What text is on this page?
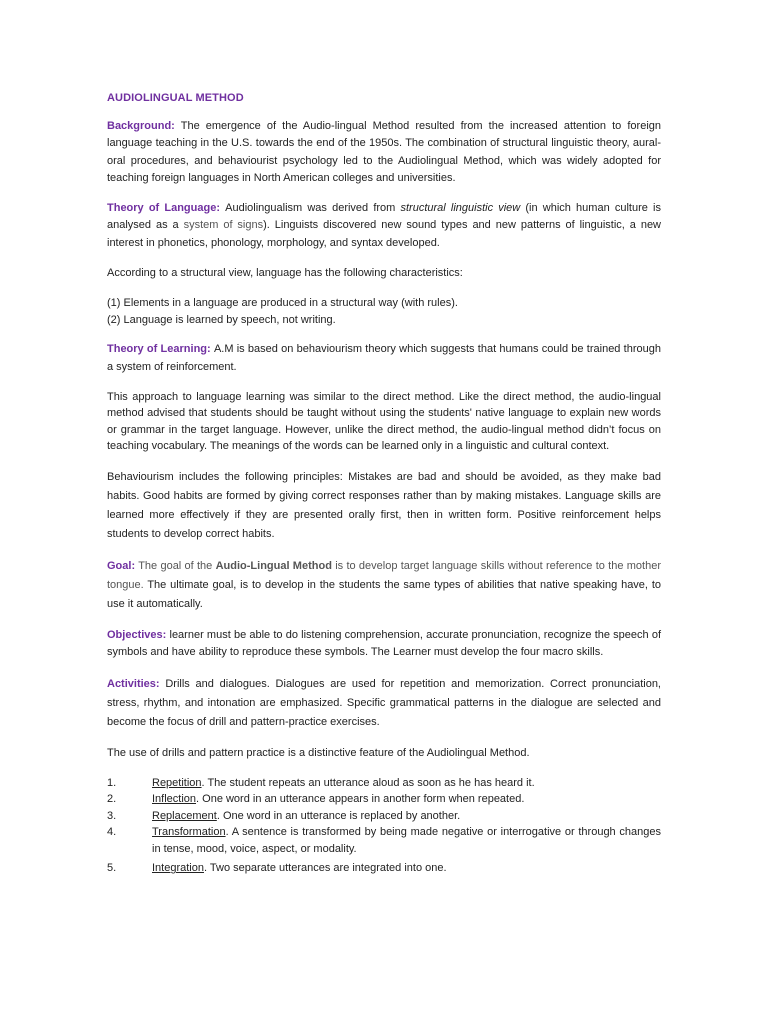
AUDIOLINGUAL METHOD

Background: The emergence of the Audio-lingual Method resulted from the increased attention to foreign language teaching in the U.S. towards the end of the 1950s. The combination of structural linguistic theory, aural-oral procedures, and behaviourist psychology led to the Audiolingual Method, which was widely adopted for teaching foreign languages in North American colleges and universities.

Theory of Language: Audiolingualism was derived from structural linguistic view (in which human culture is analysed as a system of signs). Linguists discovered new sound types and new patterns of linguistic, a new interest in phonetics, phonology, morphology, and syntax developed.

According to a structural view, language has the following characteristics:

(1) Elements in a language are produced in a structural way (with rules).

(2) Language is learned by speech, not writing.

Theory of Learning: A.M is based on behaviourism theory which suggests that humans could be trained through a system of reinforcement.

This approach to language learning was similar to the direct method. Like the direct method, the audio-lingual method advised that students should be taught without using the students' native language to explain new words or grammar in the target language. However, unlike the direct method, the audio-lingual method didn’t focus on teaching vocabulary. The meanings of the words can be learned only in a linguistic and cultural context.

Behaviourism includes the following principles: Mistakes are bad and should be avoided, as they make bad habits. Good habits are formed by giving correct responses rather than by making mistakes. Language skills are learned more effectively if they are presented orally first, then in written form. Positive reinforcement helps students to develop correct habits.

Goal: The goal of the Audio-Lingual Method is to develop target language skills without reference to the mother tongue. The ultimate goal, is to develop in the students the same types of abilities that native speaking have, to use it automatically.

Objectives: learner must be able to do listening comprehension, accurate pronunciation, recognize the speech of symbols and have ability to reproduce these symbols. The Learner must develop the four macro skills.

Activities: Drills and dialogues. Dialogues are used for repetition and memorization. Correct pronunciation, stress, rhythm, and intonation are emphasized. Specific grammatical patterns in the dialogue are selected and become the focus of drill and pattern-practice exercises.

The use of drills and pattern practice is a distinctive feature of the Audiolingual Method.

1.	Repetition. The student repeats an utterance aloud as soon as he has heard it.
2.	Inflection. One word in an utterance appears in another form when repeated.
3.	Replacement. One word in an utterance is replaced by another.
4.	Transformation. A sentence is transformed by being made negative or interrogative or through changes in tense, mood, voice, aspect, or modality.
5.	Integration. Two separate utterances are integrated into one.
